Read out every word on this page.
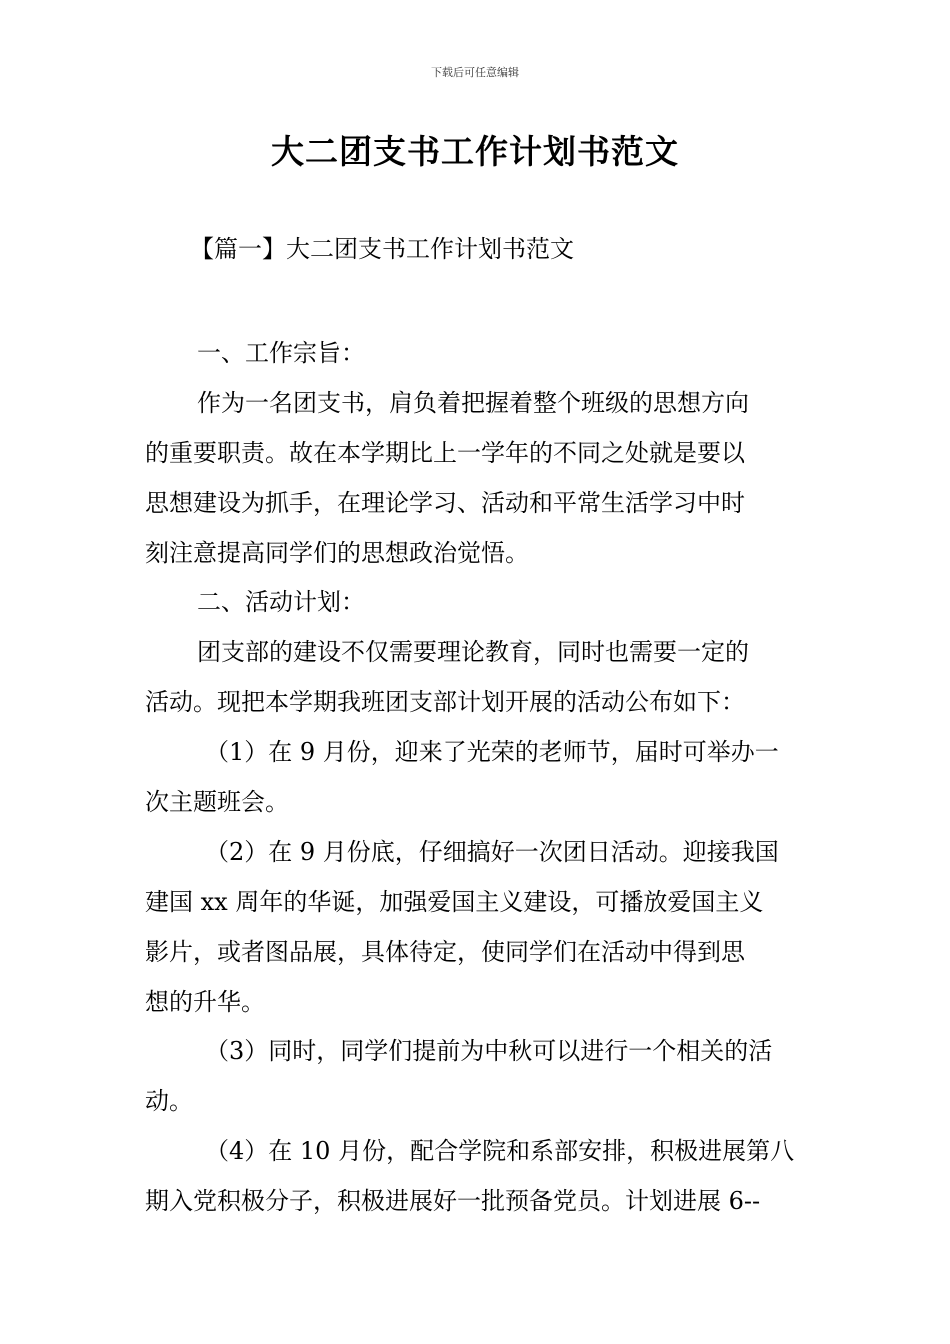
下载后可任意编辑
大二团支书工作计划书范文
【篇一】大二团支书工作计划书范文
一、工作宗旨：
作为一名团支书，肩负着把握着整个班级的思想方向
的重要职责。故在本学期比上一学年的不同之处就是要以
思想建设为抓手，在理论学习、活动和平常生活学习中时
刻注意提高同学们的思想政治觉悟。
二、活动计划：
团支部的建设不仅需要理论教育，同时也需要一定的
活动。现把本学期我班团支部计划开展的活动公布如下：
（1）在 9 月份，迎来了光荣的老师节，届时可举办一
次主题班会。
（2）在 9 月份底，仔细搞好一次团日活动。迎接我国
建国 xx 周年的华诞，加强爱国主义建设，可播放爱国主义
影片，或者图品展，具体待定，使同学们在活动中得到思
想的升华。
（3）同时，同学们提前为中秋可以进行一个相关的活
动。
（4）在 10 月份，配合学院和系部安排，积极进展第八
期入党积极分子，积极进展好一批预备党员。计划进展 6--
